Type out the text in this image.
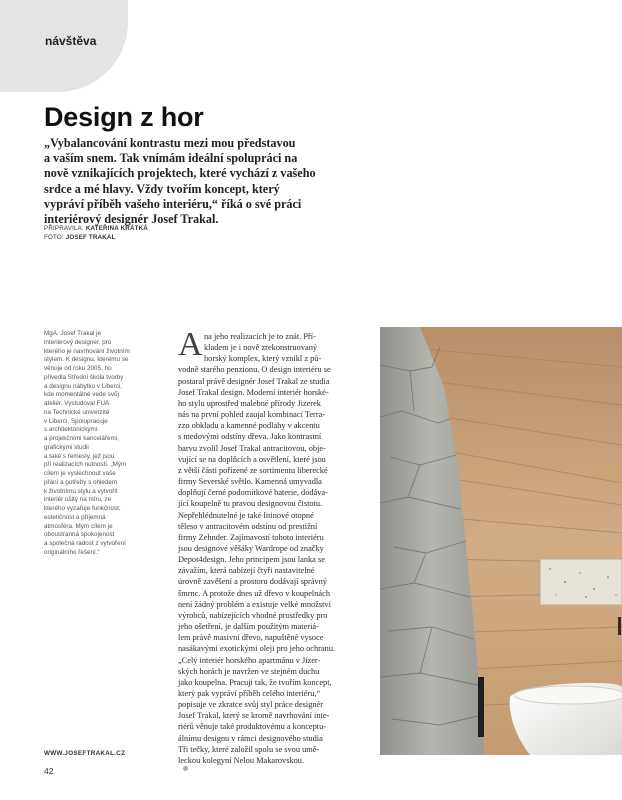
návštěva
Design z hor
„Vybalancování kontrastu mezi mou představou
a vaším snem. Tak vnímám ideální spolupráci na
nově vznikajících projektech, které vychází z vašeho
srdce a mé hlavy. Vždy tvořím koncept, který
vypráví příběh vašeho interiéru,“ říká o své práci
interiérový designér Josef Trakal.
PŘIPRAVILA: KATEŘINA KRÁTKÁ
FOTO: JOSEF TRAKAL
MgA. Josef Trakal je
interiérový designer, pro
kterého je navrhování životním
stylem. K designu, kterému se
věnuje od roku 2005, ho
přivedla Střední škola tvorby
a designu nábytku v Liberci,
kde momentálně vede svůj
ateliér. Vystudoval FUA
na Technické univerzitě
v Liberci. Spolupracuje
s architektonickými
a projekčními kancelářemi,
grafickými studii
a také s řemesly, jež jsou
při realizacích nutností. „Mým
cílem je vyslechnout vaše
přání a potřeby s ohledem
k životnímu stylu a vytvořit
interiér ušitý na míru, ze
kterého vyzařuje funkčnost,
estetičnost a příjemná
atmosféra. Mým cílem je
oboustranná spokojenost
a společná radost z vytvoření
originálního řešení.“
A na jeho realizacích je to znát. Pří-
kladem je i nově zrekonstruovaný
horský komplex, který vznikl z pů-
vodně starého penzionu. O design interiéru se
postaral právě designér Josef Trakal ze studia
Josef Trakal design. Moderní interiér horské-
ho stylu uprostřed malebné přírody Jizerek
nás na první pohled zaujal kombinací Terra-
zzo obkladu a kamenné podlahy v akcentu
s medovými odstíny dřeva. Jako kontrastní
barvu zvolil Josef Trakal antracitovou, obje-
vující se na doplňcích a osvětlení, které jsou
z větší části pořízené ze sortimentu liberecké
firmy Severské světlo. Kamenná umyvadla
doplňují černé podomítkové baterie, dodáva-
jící koupelně tu pravou designovou čistotu.
Nepřehlédnutelné je také litinové otopné
těleso v antracitovém odstínu od prestižní
firmy Zehnder. Zajímavostí tohoto interiéru
jsou designové věšáky Wardrope od značky
Depot4design. Jeho principem jsou lanka se
závažím, která nabízejí čtyři nastavitelné
úrovně zavěšení a prostoru dodávají správný
šmrnc. A protože dnes už dřevo v koupelnách
není žádný problém a existuje velké množství
výrobců, nabízejících vhodné prostředky pro
jeho ošetření, je dalším použitým materiá-
lem právě masivní dřevo, napuštěné vysoce
nasákavými exotickými oleji pro jeho ochranu.
„Celý interiér horského apartmánu v Jizer-
ských horách je navržen ve stejném duchu
jako koupelna. Pracuji tak, že tvořím koncept,
který pak vypráví příběh celého interiéru,“
popisuje ve zkratce svůj styl práce designér
Josef Trakal, který se kromě navrhování inte-
riérů věnuje také produktovému a konceptu-
álnímu designu v rámci designového studia
Tři tečky, které založil spolu se svou umě-
leckou kolegyní Nelou Makarovskou.
WWW.JOSEFTRAKAL.CZ
42
